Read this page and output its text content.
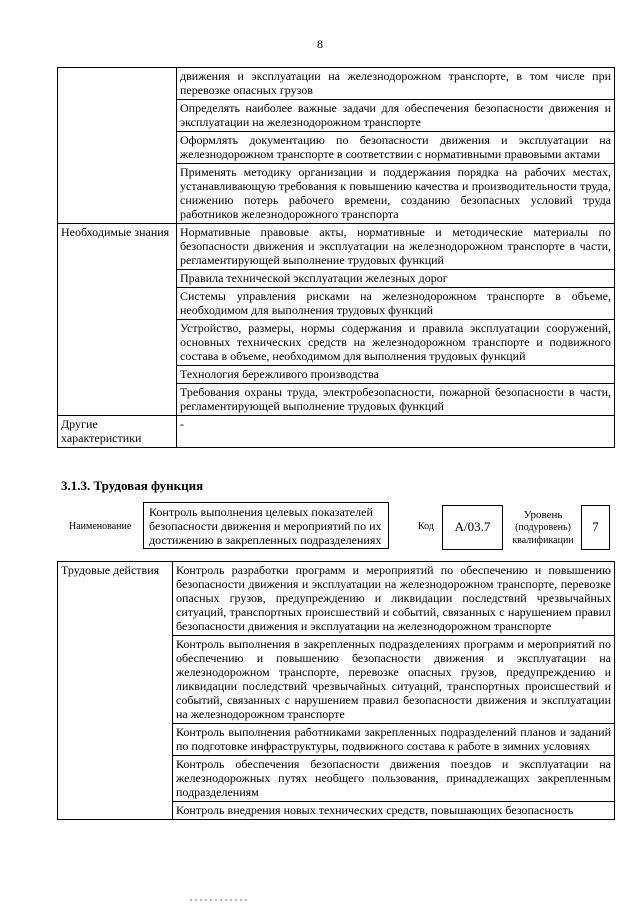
8
	движения и эксплуатации на железнодорожном транспорте, в том числе при перевозке опасных грузов
	Определять наиболее важные задачи для обеспечения безопасности движения и эксплуатации на железнодорожном транспорте
	Оформлять документацию по безопасности движения и эксплуатации на железнодорожном транспорте в соответствии с нормативными правовыми актами
	Применять методику организации и поддержания порядка на рабочих местах, устанавливающую требования к повышению качества и производительности труда, снижению потерь рабочего времени, созданию безопасных условий труда работников железнодорожного транспорта
Необходимые знания	Нормативные правовые акты, нормативные и методические материалы по безопасности движения и эксплуатации на железнодорожном транспорте в части, регламентирующей выполнение трудовых функций
	Правила технической эксплуатации железных дорог
	Системы управления рисками на железнодорожном транспорте в объеме, необходимом для выполнения трудовых функций
	Устройство, размеры, нормы содержания и правила эксплуатации сооружений, основных технических средств на железнодорожном транспорте и подвижного состава в объеме, необходимом для выполнения трудовых функций
	Технология бережливого производства
	Требования охраны труда, электробезопасности, пожарной безопасности в части, регламентирующей выполнение трудовых функций
Другие характеристики	-
3.1.3. Трудовая функция
Наименование
Контроль выполнения целевых показателей безопасности движения и мероприятий по их достижению в закрепленных подразделениях
Код	A/03.7
Уровень
(подуровень)
квалификации
7
Трудовые действия	Контроль разработки программ и мероприятий по обеспечению и повышению безопасности движения и эксплуатации на железнодорожном транспорте, перевозке опасных грузов, предупреждению и ликвидации последствий чрезвычайных ситуаций, транспортных происшествий и событий, связанных с нарушением правил безопасности движения и эксплуатации на железнодорожном транспорте
Контроль выполнения в закрепленных подразделениях программ и мероприятий по обеспечению и повышению безопасности движения и эксплуатации на железнодорожном транспорте, перевозке опасных грузов, предупреждению и ликвидации последствий чрезвычайных ситуаций, транспортных происшествий и событий, связанных с нарушением правил безопасности движения и эксплуатации на железнодорожном транспорте
Контроль выполнения работниками закрепленных подразделений планов и заданий по подготовке инфраструктуры, подвижного состава к работе в зимних условиях
Контроль обеспечения безопасности движения поездов и эксплуатации на железнодорожных путях необщего пользования, принадлежащих закрепленным подразделениям
Контроль внедрения новых технических средств, повышающих безопасность
